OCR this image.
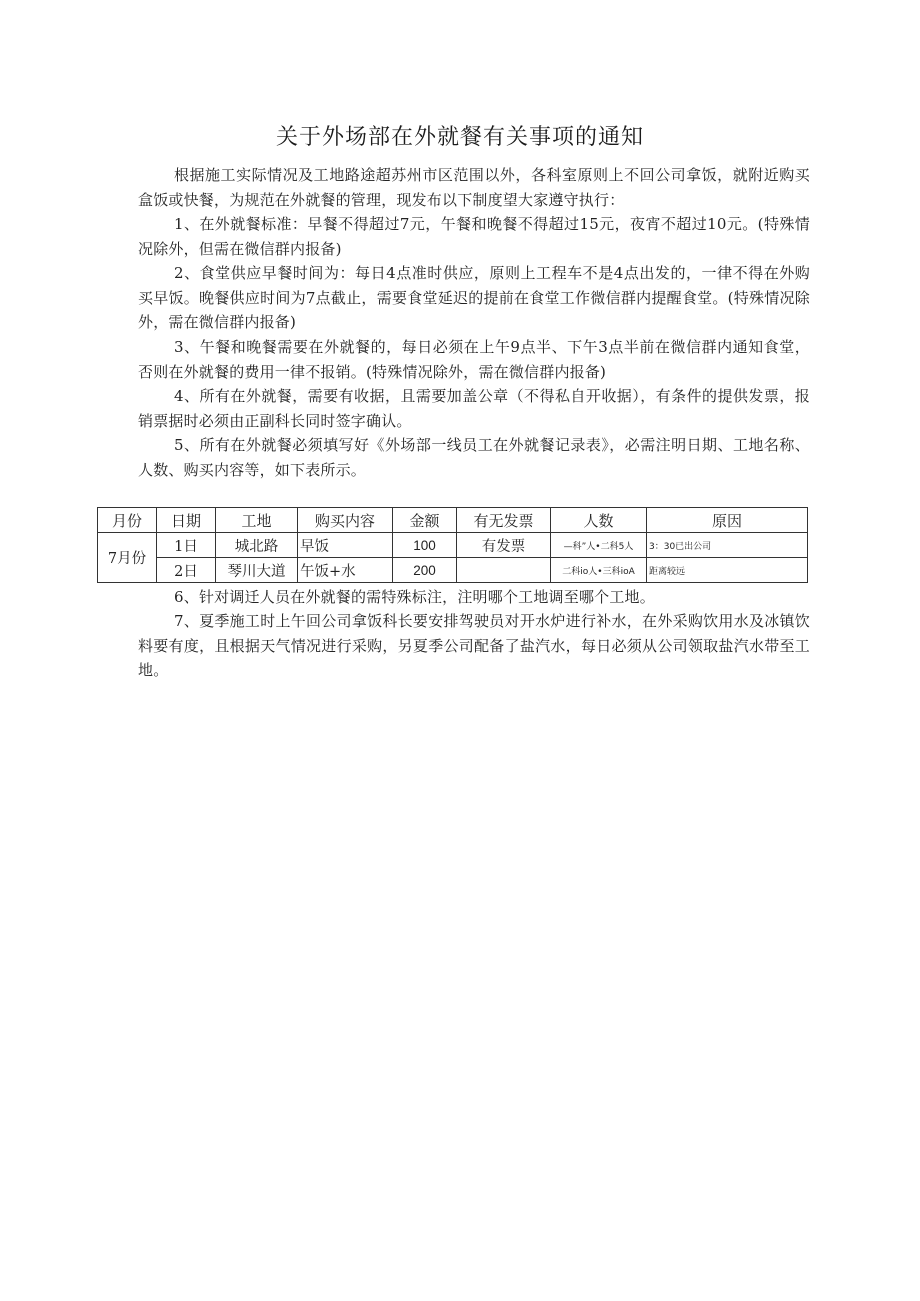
关于外场部在外就餐有关事项的通知

根据施工实际情况及工地路途超苏州市区范围以外，各科室原则上不回公司拿饭，就附近购买盒饭或快餐，为规范在外就餐的管理，现发布以下制度望大家遵守执行：

1、在外就餐标准：早餐不得超过7元，午餐和晚餐不得超过15元，夜宵不超过10元。(特殊情况除外，但需在微信群内报备)

2、食堂供应早餐时间为：每日4点准时供应，原则上工程车不是4点出发的，一律不得在外购买早饭。晚餐供应时间为7点截止，需要食堂延迟的提前在食堂工作微信群内提醒食堂。(特殊情况除外，需在微信群内报备)

3、午餐和晚餐需要在外就餐的，每日必须在上午9点半、下午3点半前在微信群内通知食堂，否则在外就餐的费用一律不报销。(特殊情况除外，需在微信群内报备)

4、所有在外就餐，需要有收据，且需要加盖公章（不得私自开收据），有条件的提供发票，报销票据时必须由正副科长同时签字确认。

5、所有在外就餐必须填写好《外场部一线员工在外就餐记录表》，必需注明日期、工地名称、人数、购买内容等，如下表所示。

月份	日期	工地	购买内容	金额	有无发票	人数	原因
7月份	1日	城北路	早饭	100	有发票	—科”人•二科5人	3：30已出公司
	2日	琴川大道	午饭+水	200		二科io人•三科ioA	距离较远

6、针对调迁人员在外就餐的需特殊标注，注明哪个工地调至哪个工地。

7、夏季施工时上午回公司拿饭科长要安排驾驶员对开水炉进行补水，在外采购饮用水及冰镇饮料要有度，且根据天气情况进行采购，另夏季公司配备了盐汽水，每日必须从公司领取盐汽水带至工地。
